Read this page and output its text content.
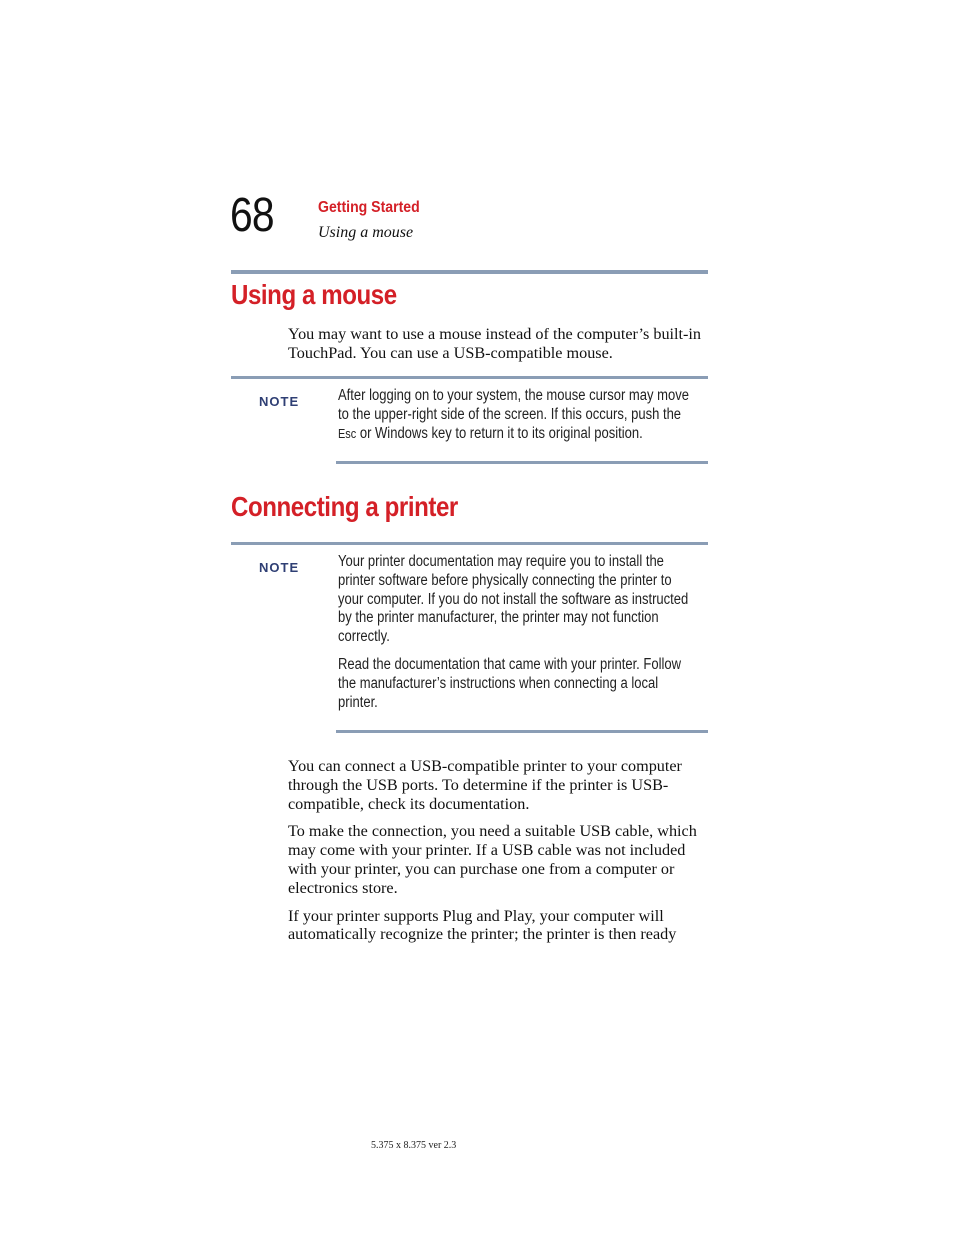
68	Getting Started
Using a mouse
Using a mouse

You may want to use a mouse instead of the computer’s built-in TouchPad. You can use a USB-compatible mouse.

NOTE	After logging on to your system, the mouse cursor may move to the upper-right side of the screen. If this occurs, push the
Esc or Windows key to return it to its original position.

Connecting a printer
NOTE	Your printer documentation may require you to install the printer software before physically connecting the printer to your computer. If you do not install the software as instructed by the printer manufacturer, the printer may not function correctly.

Read the documentation that came with your printer. Follow the manufacturer’s instructions when connecting a local printer.

You can connect a USB-compatible printer to your computer through the USB ports. To determine if the printer is USB-compatible, check its documentation.

To make the connection, you need a suitable USB cable, which may come with your printer. If a USB cable was not included with your printer, you can purchase one from a computer or electronics store.

If your printer supports Plug and Play, your computer will automatically recognize the printer; the printer is then ready

5.375 x 8.375 ver 2.3
